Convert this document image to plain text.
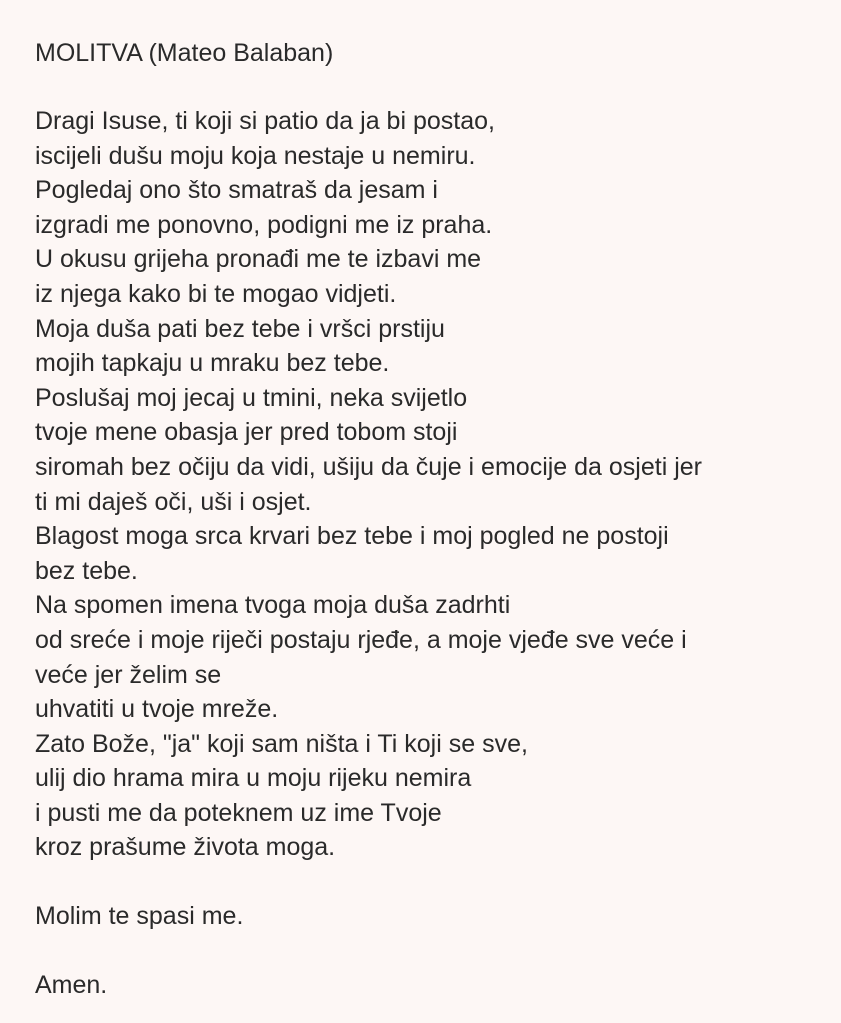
MOLITVA (Mateo Balaban)
Dragi Isuse, ti koji si patio da ja bi postao,
iscijeli dušu moju koja nestaje u nemiru.
Pogledaj ono što smatraš da jesam i
izgradi me ponovno, podigni me iz praha.
U okusu grijeha pronađi me te izbavi me
iz njega kako bi te mogao vidjeti.
Moja duša pati bez tebe i vršci prstiju
mojih tapkaju u mraku bez tebe.
Poslušaj moj jecaj u tmini, neka svijetlo
tvoje mene obasja jer pred tobom stoji
siromah bez očiju da vidi, ušiju da čuje i emocije da osjeti jer
ti mi daješ oči, uši i osjet.
Blagost moga srca krvari bez tebe i moj pogled ne postoji
bez tebe.
Na spomen imena tvoga moja duša zadrhti
od sreće i moje riječi postaju rjeđe, a moje vjeđe sve veće i
veće jer želim se
uhvatiti u tvoje mreže.
Zato Bože, "ja" koji sam ništa i Ti koji se sve,
ulij dio hrama mira u moju rijeku nemira
i pusti me da poteknem uz ime Tvoje
kroz prašume života moga.
Molim te spasi me.
Amen.
